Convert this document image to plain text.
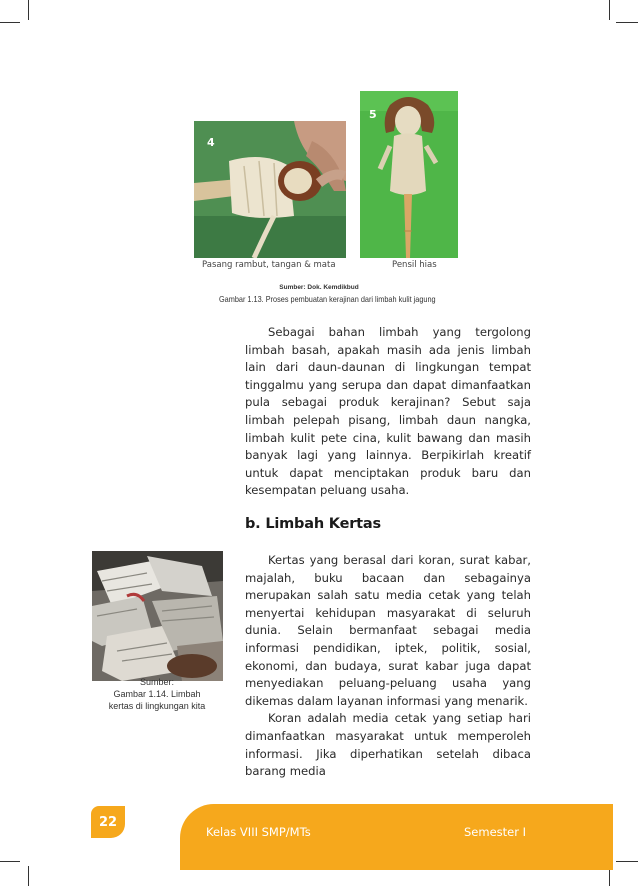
4
5
Pasang rambut, tangan & mata	Pensil hias
Sumber: Dok. Kemdikbud
Gambar 1.13. Proses pembuatan kerajinan dari limbah kulit jagung

Sebagai bahan limbah yang tergolong limbah basah, apakah masih ada jenis limbah lain dari daun-daunan di lingkungan tempat tinggalmu yang serupa dan dapat dimanfaatkan pula sebagai produk kerajinan? Sebut saja limbah pelepah pisang, limbah daun nangka, limbah kulit pete cina, kulit bawang dan masih banyak lagi yang lainnya. Berpikirlah kreatif untuk dapat menciptakan produk baru dan kesempatan peluang usaha.

b. Limbah Kertas
Sumber:
Gambar 1.14. Limbah kertas di lingkungan kita

Kertas yang berasal dari koran, surat kabar, majalah, buku bacaan dan sebagainya merupakan salah satu media cetak yang telah menyertai kehidupan masyarakat di seluruh dunia. Selain bermanfaat sebagai media informasi pendidikan, iptek, politik, sosial, ekonomi, dan budaya, surat kabar juga dapat menyediakan peluang-peluang usaha yang dikemas dalam layanan informasi yang menarik.

Koran adalah media cetak yang setiap hari dimanfaatkan masyarakat untuk memperoleh informasi. Jika diperhatikan setelah dibaca barang media

22
Kelas VIII SMP/MTs	Semester I
